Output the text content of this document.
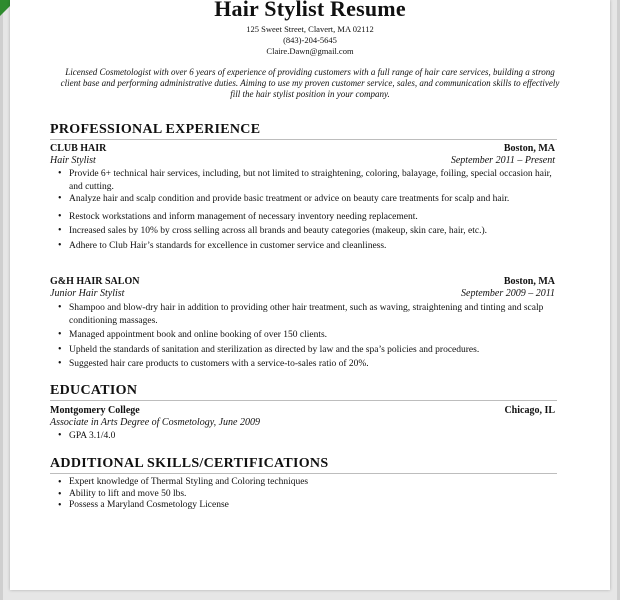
Hair Stylist Resume
125 Sweet Street, Clavert, MA 02112
(843)-204-5645
Claire.Dawn@gmail.com
Licensed Cosmetologist with over 6 years of experience of providing customers with a full range of hair care services, building a strong client base and performing administrative duties. Aiming to use my proven customer service, sales, and communication skills to effectively fill the hair stylist position in your company.
PROFESSIONAL EXPERIENCE
CLUB HAIR	Boston, MA
Hair Stylist	September 2011 – Present
• Provide 6+ technical hair services, including, but not limited to straightening, coloring, balayage, foiling, special occasion hair, and cutting.
• Analyze hair and scalp condition and provide basic treatment or advice on beauty care treatments for scalp and hair.
• Restock workstations and inform management of necessary inventory needing replacement.
• Increased sales by 10% by cross selling across all brands and beauty categories (makeup, skin care, hair, etc.).
• Adhere to Club Hair’s standards for excellence in customer service and cleanliness.
G&H HAIR SALON	Boston, MA
Junior Hair Stylist	September 2009 – 2011
• Shampoo and blow-dry hair in addition to providing other hair treatment, such as waving, straightening and tinting and scalp conditioning massages.
• Managed appointment book and online booking of over 150 clients.
• Upheld the standards of sanitation and sterilization as directed by law and the spa’s policies and procedures.
• Suggested hair care products to customers with a service-to-sales ratio of 20%.
EDUCATION
Montgomery College	Chicago, IL
Associate in Arts Degree of Cosmetology, June 2009
• GPA 3.1/4.0
ADDITIONAL SKILLS/CERTIFICATIONS
• Expert knowledge of Thermal Styling and Coloring techniques
• Ability to lift and move 50 lbs.
• Possess a Maryland Cosmetology License
